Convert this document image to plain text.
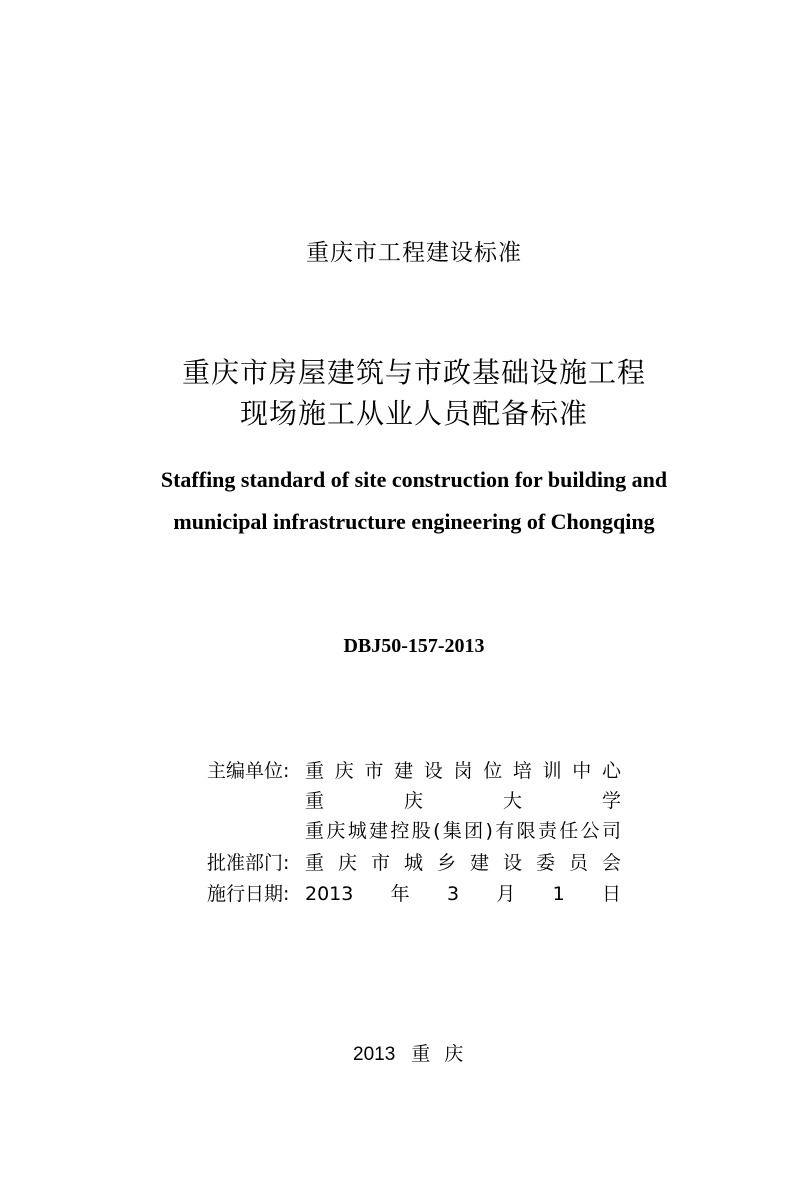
重庆市工程建设标准
重庆市房屋建筑与市政基础设施工程
现场施工从业人员配备标准
Staffing standard of site construction for building and
municipal infrastructure engineering of Chongqing
DBJ50-157-2013
主编单位: 重庆市建设岗位培训中心
重庆大学
重庆城建控股(集团)有限责任公司
批准部门: 重庆市城乡建设委员会
施行日期: 2013年3月1日
2013 重庆
